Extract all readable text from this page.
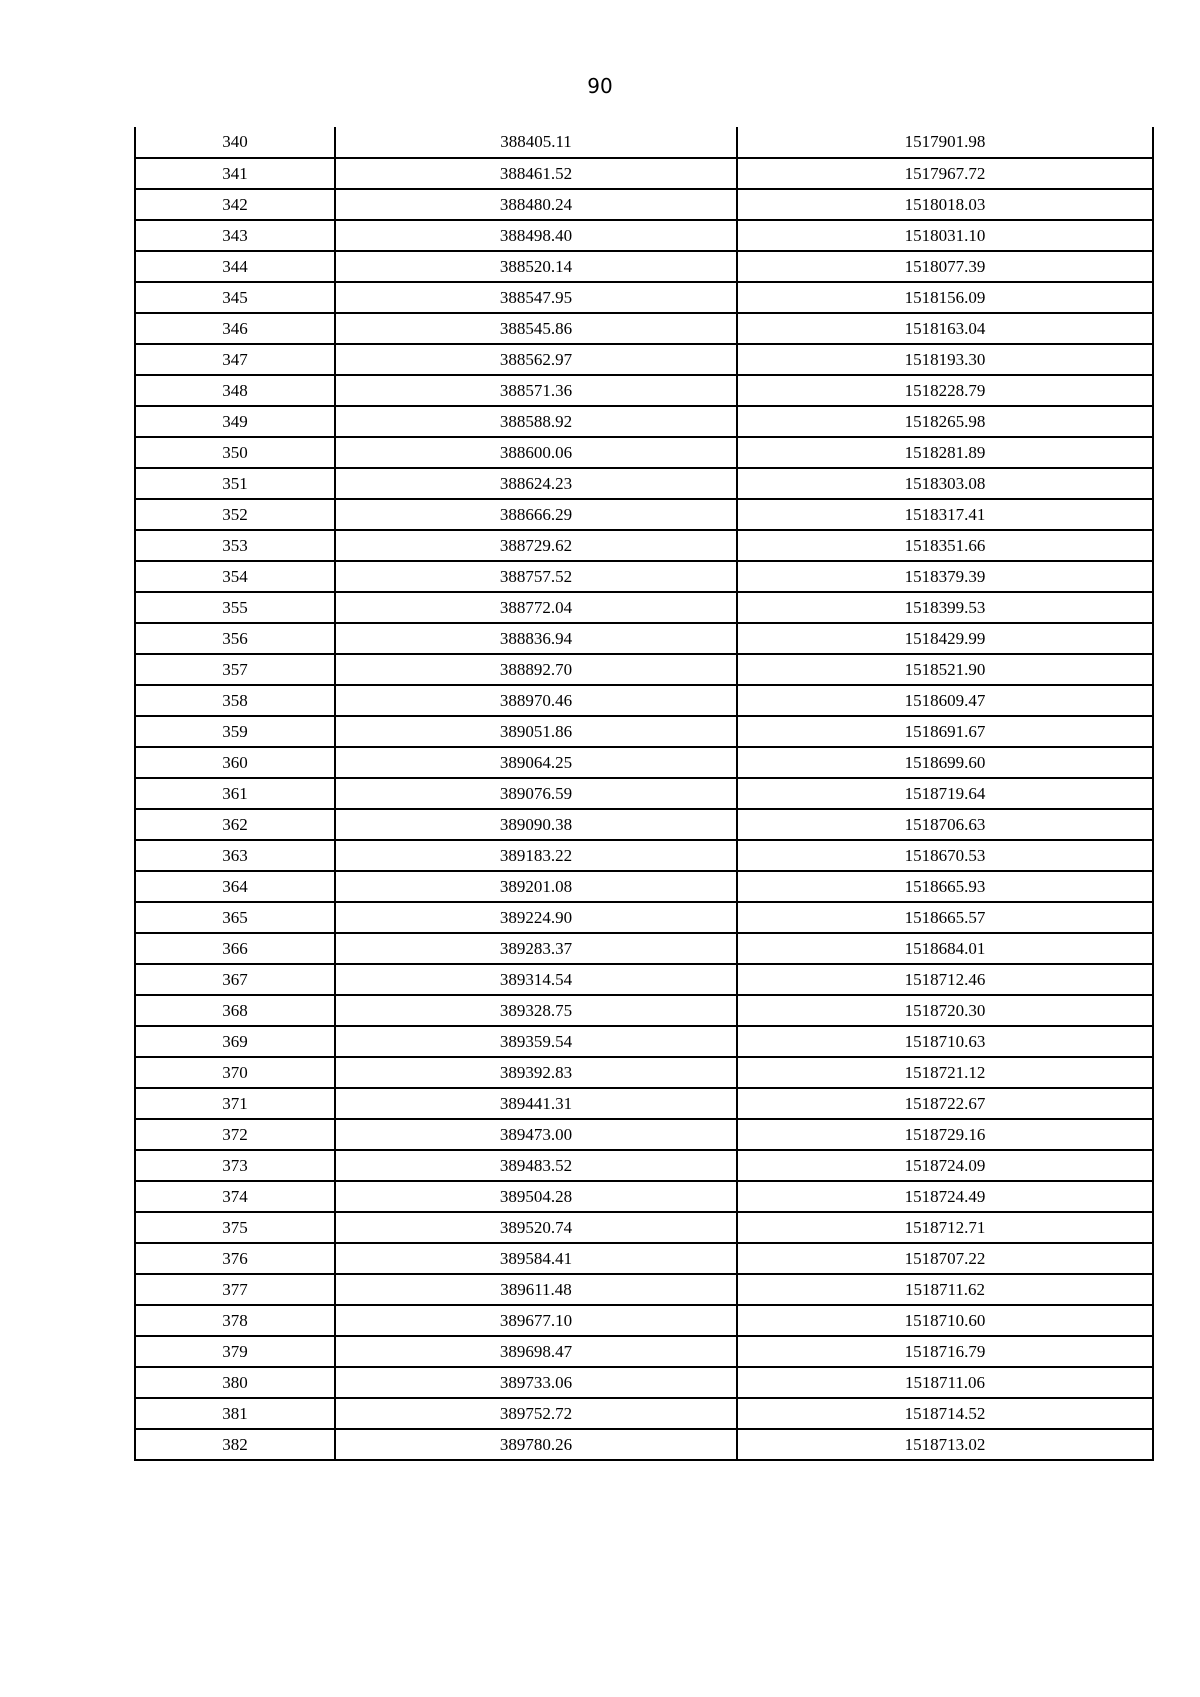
90
340	388405.11	1517901.98
341	388461.52	1517967.72
342	388480.24	1518018.03
343	388498.40	1518031.10
344	388520.14	1518077.39
345	388547.95	1518156.09
346	388545.86	1518163.04
347	388562.97	1518193.30
348	388571.36	1518228.79
349	388588.92	1518265.98
350	388600.06	1518281.89
351	388624.23	1518303.08
352	388666.29	1518317.41
353	388729.62	1518351.66
354	388757.52	1518379.39
355	388772.04	1518399.53
356	388836.94	1518429.99
357	388892.70	1518521.90
358	388970.46	1518609.47
359	389051.86	1518691.67
360	389064.25	1518699.60
361	389076.59	1518719.64
362	389090.38	1518706.63
363	389183.22	1518670.53
364	389201.08	1518665.93
365	389224.90	1518665.57
366	389283.37	1518684.01
367	389314.54	1518712.46
368	389328.75	1518720.30
369	389359.54	1518710.63
370	389392.83	1518721.12
371	389441.31	1518722.67
372	389473.00	1518729.16
373	389483.52	1518724.09
374	389504.28	1518724.49
375	389520.74	1518712.71
376	389584.41	1518707.22
377	389611.48	1518711.62
378	389677.10	1518710.60
379	389698.47	1518716.79
380	389733.06	1518711.06
381	389752.72	1518714.52
382	389780.26	1518713.02
